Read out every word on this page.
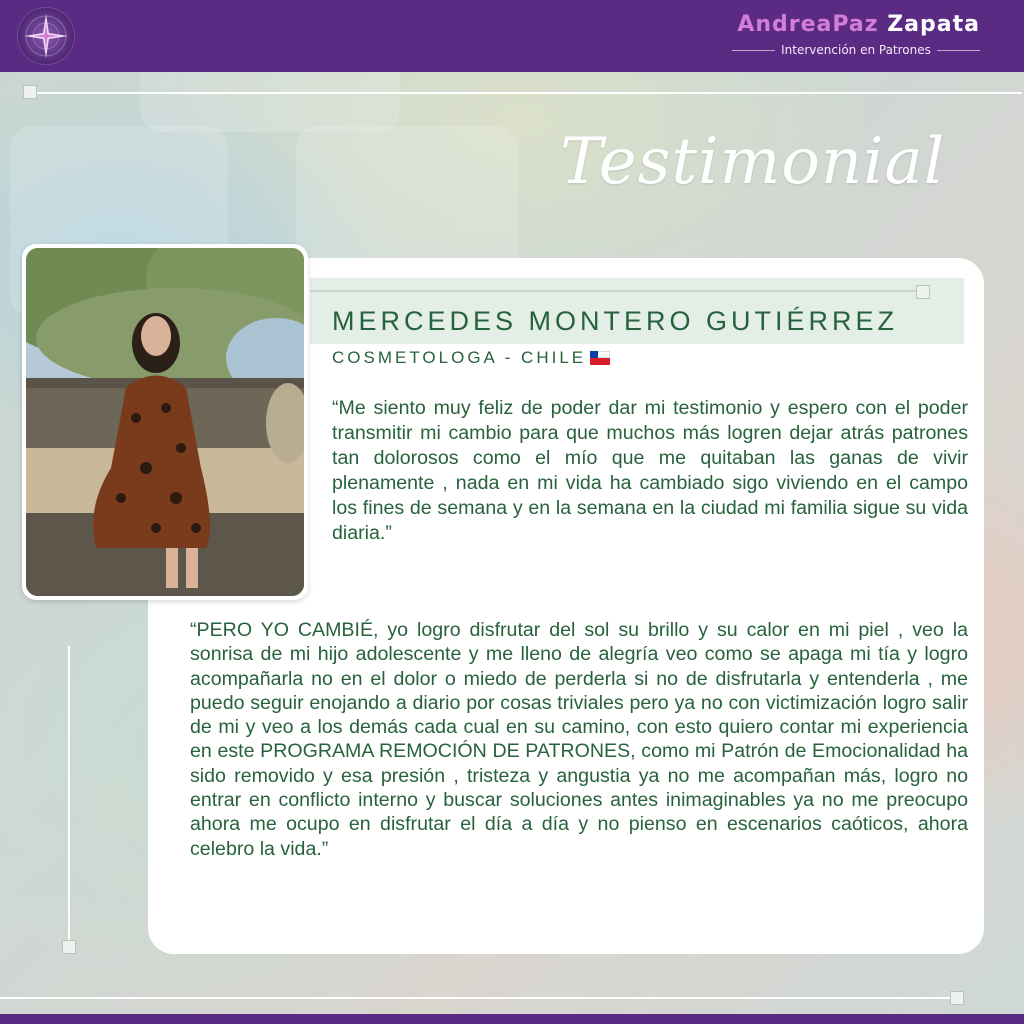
AndreaPaz Zapata
Intervención en Patrones
Testimonial
MERCEDES MONTERO GUTIÉRREZ
COSMETOLOGA - CHILE
“Me siento muy feliz de poder dar mi testimonio y espero con el poder transmitir mi cambio para que muchos más logren dejar atrás patrones tan dolorosos como el mío que me quitaban las ganas de vivir plenamente , nada en mi vida ha cambiado sigo viviendo en el campo los fines de semana y en la semana en la ciudad mi familia sigue su vida diaria.”
“PERO YO CAMBIÉ, yo logro disfrutar del sol su brillo y su calor en mi piel , veo la sonrisa de mi hijo adolescente y me lleno de alegría veo como se apaga mi tía y logro acompañarla no en el dolor o miedo de perderla si no de disfrutarla y entenderla , me puedo seguir enojando a diario por cosas triviales pero ya no con victimización logro salir de mi y veo a los demás cada cual en su camino, con esto quiero contar mi experiencia en este PROGRAMA REMOCIÓN DE PATRONES, como mi Patrón de Emocionalidad ha sido removido y esa presión , tristeza y angustia ya no me acompañan más, logro no entrar en conflicto interno y buscar soluciones antes inimaginables ya no me preocupo ahora me ocupo en disfrutar el día a día y no pienso en escenarios caóticos, ahora celebro la vida.”
